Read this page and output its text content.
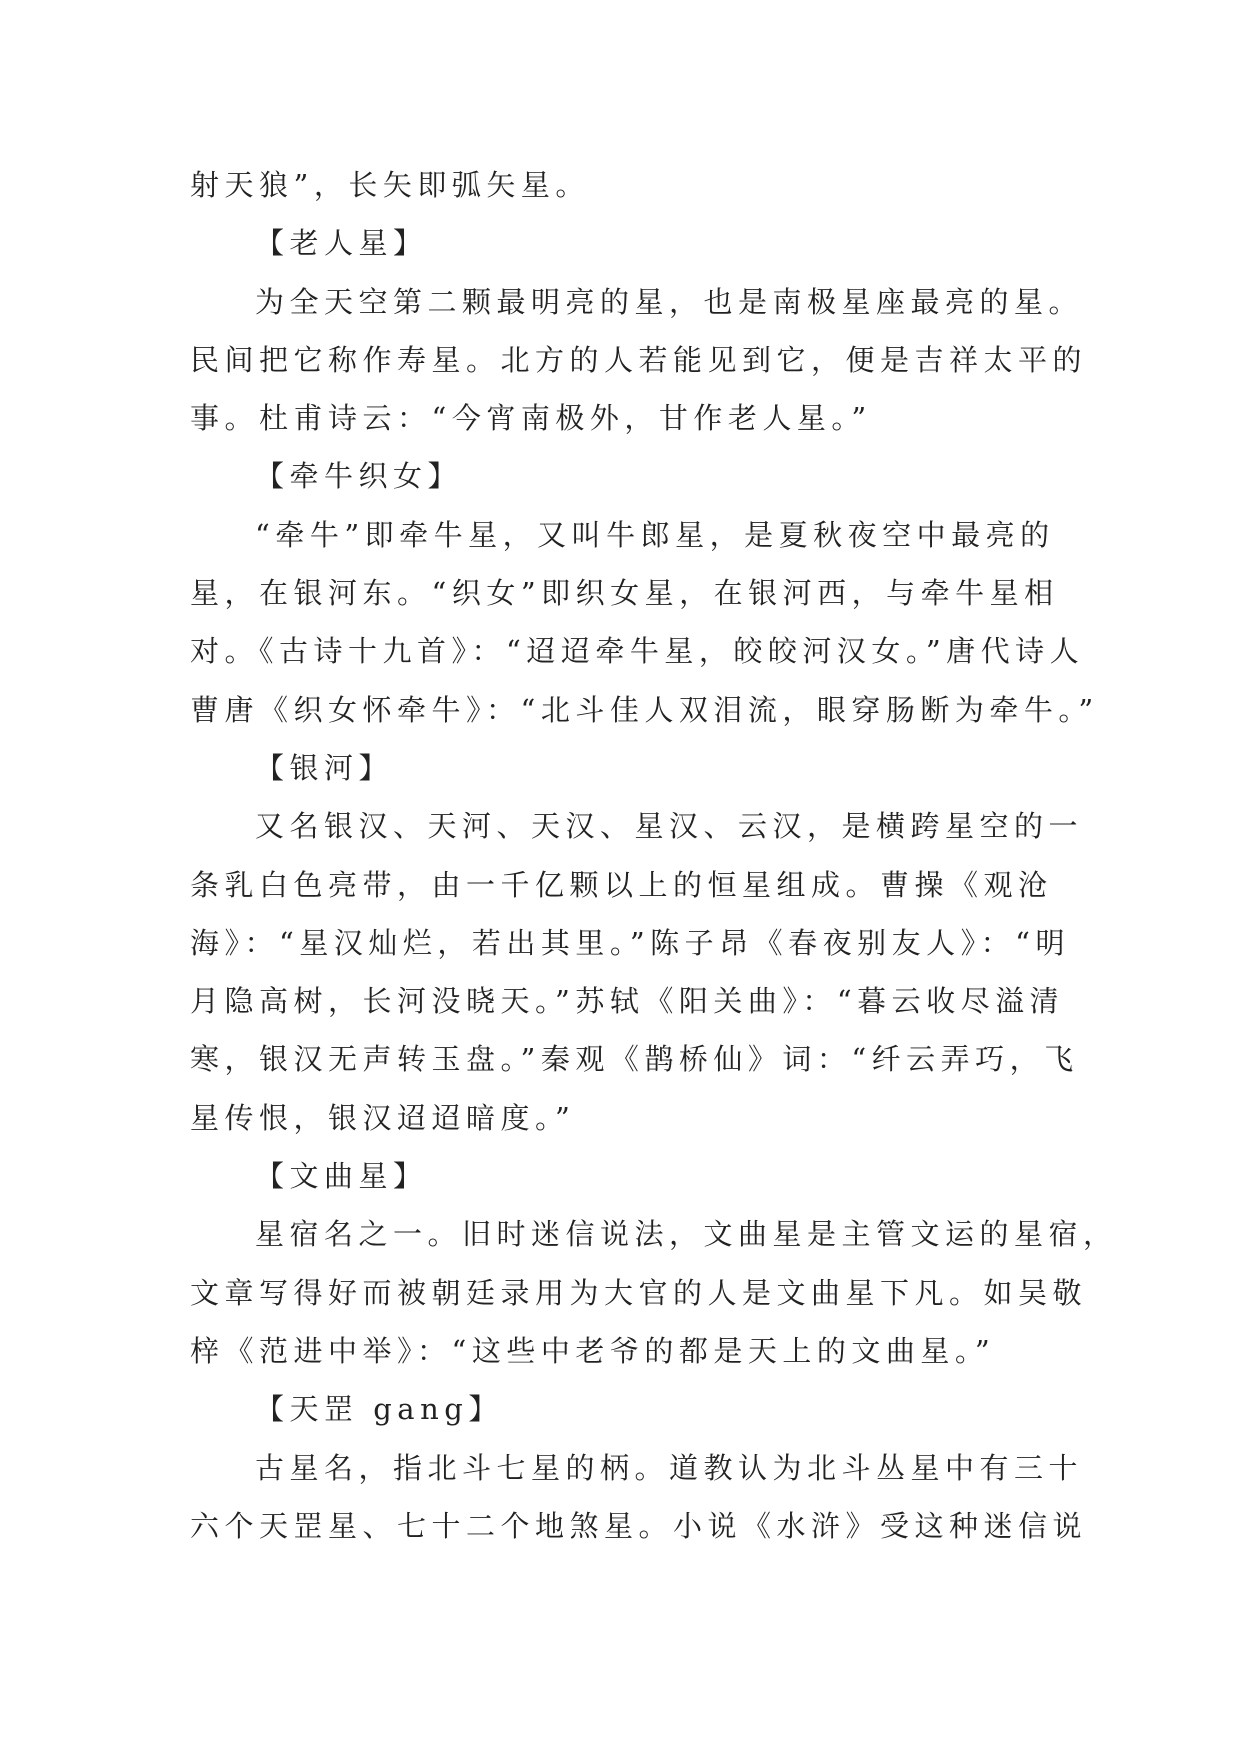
射天狼”，长矢即弧矢星。
【老人星】
为全天空第二颗最明亮的星，也是南极星座最亮的星。
民间把它称作寿星。北方的人若能见到它，便是吉祥太平的
事。杜甫诗云：“今宵南极外，甘作老人星。”
【牵牛织女】
“牵牛”即牵牛星，又叫牛郎星，是夏秋夜空中最亮的
星，在银河东。“织女”即织女星，在银河西，与牵牛星相
对。《古诗十九首》：“迢迢牵牛星，皎皎河汉女。”唐代诗人
曹唐《织女怀牵牛》：“北斗佳人双泪流，眼穿肠断为牵牛。”
【银河】
又名银汉、天河、天汉、星汉、云汉，是横跨星空的一
条乳白色亮带，由一千亿颗以上的恒星组成。曹操《观沧
海》：“星汉灿烂，若出其里。”陈子昂《春夜别友人》：“明
月隐高树，长河没晓天。”苏轼《阳关曲》：“暮云收尽溢清
寒，银汉无声转玉盘。”秦观《鹊桥仙》词：“纤云弄巧，飞
星传恨，银汉迢迢暗度。”
【文曲星】
星宿名之一。旧时迷信说法，文曲星是主管文运的星宿，
文章写得好而被朝廷录用为大官的人是文曲星下凡。如吴敬
梓《范进中举》：“这些中老爷的都是天上的文曲星。”
【天罡 gang】
古星名，指北斗七星的柄。道教认为北斗丛星中有三十
六个天罡星、七十二个地煞星。小说《水浒》受这种迷信说
